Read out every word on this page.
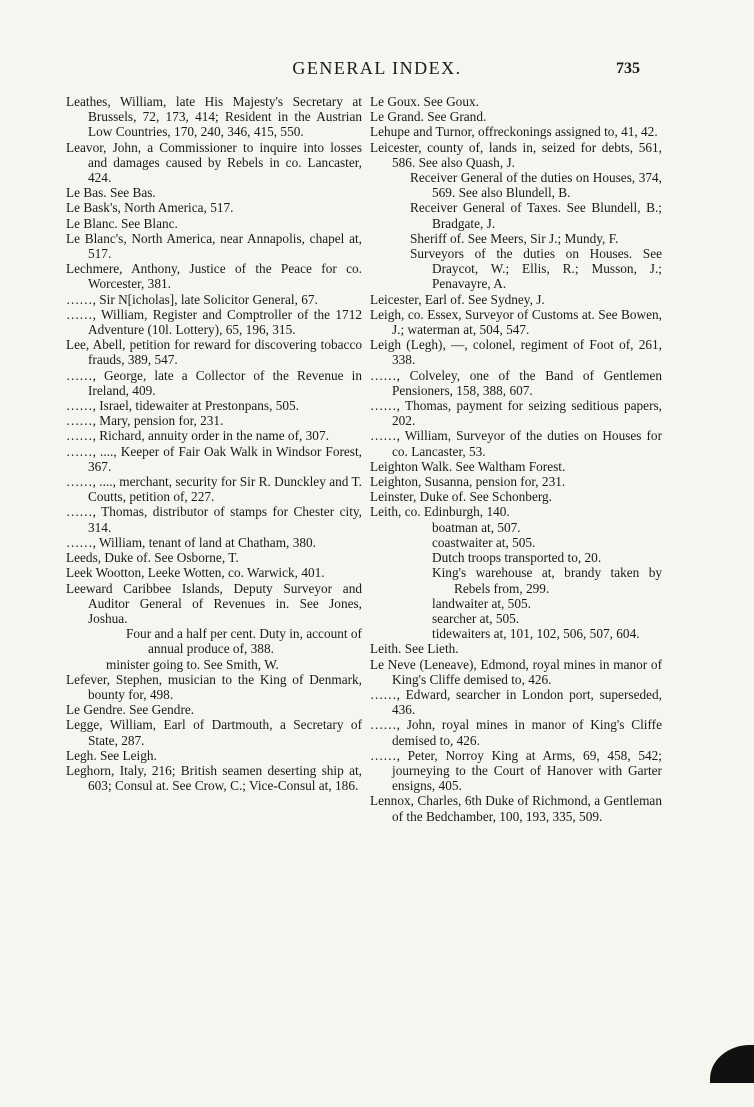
GENERAL INDEX.	735

Leathes, William, late His Majesty's Secretary at Brussels, 72, 173, 414; Resident in the Austrian Low Countries, 170, 240, 346, 415, 550.

Leavor, John, a Commissioner to inquire into losses and damages caused by Rebels in co. Lancaster, 424.

Le Bas. See Bas.

Le Bask's, North America, 517.

Le Blanc. See Blanc.

Le Blanc's, North America, near Annapolis, chapel at, 517.

Lechmere, Anthony, Justice of the Peace for co. Worcester, 381.

……, Sir N[icholas], late Solicitor General, 67.

……, William, Register and Comptroller of the 1712 Adventure (10l. Lottery), 65, 196, 315.

Lee, Abell, petition for reward for discovering tobacco frauds, 389, 547.

……, George, late a Collector of the Revenue in Ireland, 409.

……, Israel, tidewaiter at Prestonpans, 505.

……, Mary, pension for, 231.

……, Richard, annuity order in the name of, 307.

……, ...., Keeper of Fair Oak Walk in Windsor Forest, 367.

……, ...., merchant, security for Sir R. Dunckley and T. Coutts, petition of, 227.

……, Thomas, distributor of stamps for Chester city, 314.

……, William, tenant of land at Chatham, 380.

Leeds, Duke of. See Osborne, T.

Leek Wootton, Leeke Wotten, co. Warwick, 401.

Leeward Caribbee Islands, Deputy Surveyor and Auditor General of Revenues in. See Jones, Joshua.

Four and a half per cent. Duty in, account of annual produce of, 388.

minister going to. See Smith, W.

Lefever, Stephen, musician to the King of Denmark, bounty for, 498.

Le Gendre. See Gendre.

Legge, William, Earl of Dartmouth, a Secretary of State, 287.

Legh. See Leigh.

Leghorn, Italy, 216; British seamen deserting ship at, 603; Consul at. See Crow, C.; Vice-Consul at, 186.

Le Goux. See Goux.

Le Grand. See Grand.

Lehupe and Turnor, offreckonings assigned to, 41, 42.

Leicester, county of, lands in, seized for debts, 561, 586. See also Quash, J.

Receiver General of the duties on Houses, 374, 569. See also Blundell, B.

Receiver General of Taxes. See Blundell, B.; Bradgate, J.

Sheriff of. See Meers, Sir J.; Mundy, F.

Surveyors of the duties on Houses. See Draycot, W.; Ellis, R.; Musson, J.; Penavayre, A.

Leicester, Earl of. See Sydney, J.

Leigh, co. Essex, Surveyor of Customs at. See Bowen, J.; waterman at, 504, 547.

Leigh (Legh), —, colonel, regiment of Foot of, 261, 338.

……, Colveley, one of the Band of Gentlemen Pensioners, 158, 388, 607.

……, Thomas, payment for seizing seditious papers, 202.

……, William, Surveyor of the duties on Houses for co. Lancaster, 53.

Leighton Walk. See Waltham Forest.

Leighton, Susanna, pension for, 231.

Leinster, Duke of. See Schonberg.

Leith, co. Edinburgh, 140.

boatman at, 507.

coastwaiter at, 505.

Dutch troops transported to, 20.

King's warehouse at, brandy taken by Rebels from, 299.

landwaiter at, 505.

searcher at, 505.

tidewaiters at, 101, 102, 506, 507, 604.

Leith. See Lieth.

Le Neve (Leneave), Edmond, royal mines in manor of King's Cliffe demised to, 426.

……, Edward, searcher in London port, superseded, 436.

……, John, royal mines in manor of King's Cliffe demised to, 426.

……, Peter, Norroy King at Arms, 69, 458, 542; journeying to the Court of Hanover with Garter ensigns, 405.

Lennox, Charles, 6th Duke of Richmond, a Gentleman of the Bedchamber, 100, 193, 335, 509.
